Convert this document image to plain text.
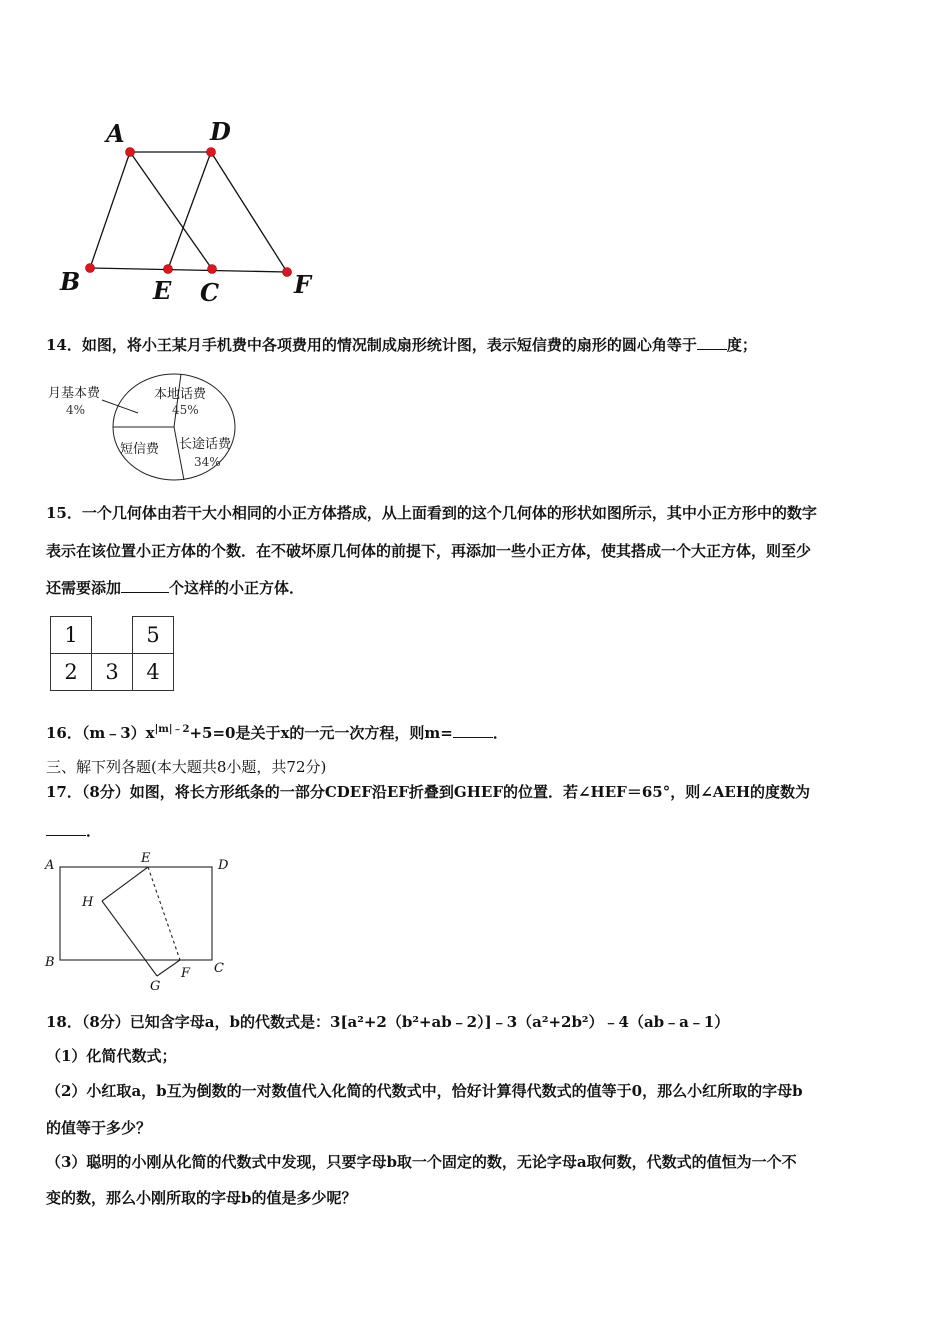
A	D
B	E C	F
14．如图，将小王某月手机费中各项费用的情况制成扇形统计图，表示短信费的扇形的圆心角等于 度；
月基本费
4%
本地话费
45%
长途话费
34%
短信费
15．一个几何体由若干大小相同的小正方体搭成，从上面看到的这个几何体的形状如图所示，其中小正方形中的数字
表示在该位置小正方体的个数．在不破坏原几何体的前提下，再添加一些小正方体，使其搭成一个大正方体，则至少
还需要添加	个这样的小正方体．
1		5
2	3	4
16．$(m﹣3)x^{|m|﹣2}+5=0$是关于x的一元一次方程，则m=	．
三、解下列各题(本大题共8小题，共72分)
17．（8分）如图，将长方形纸条的一部分CDEF沿EF折叠到GHEF的位置．若∠HEF＝65°，则∠AEH的度数为
．
A	E	D
H
B
F C
G
18．（8分）已知含字母a，b的代数式是：3[a²+2（b²+ab﹣2）]﹣3（a²+2b²）﹣4（ab﹣a﹣1）
（1）化简代数式；
（2）小红取a，b互为倒数的一对数值代入化简的代数式中，恰好计算得代数式的值等于0，那么小红所取的字母b
的值等于多少？
（3）聪明的小刚从化简的代数式中发现，只要字母b取一个固定的数，无论字母a取何数，代数式的值恒为一个不
变的数，那么小刚所取的字母b的值是多少呢？
